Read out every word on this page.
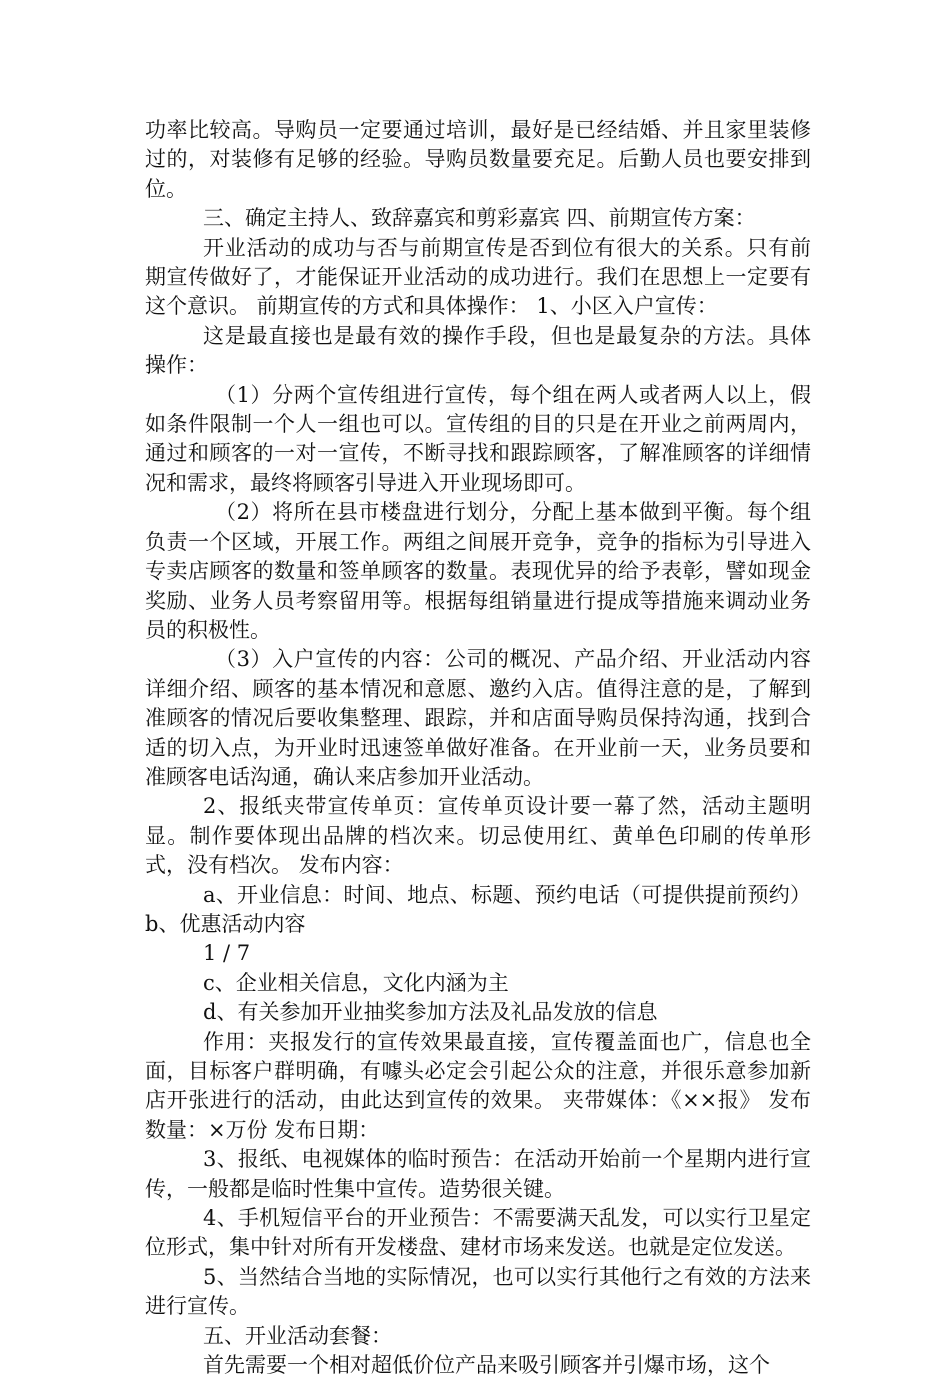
功率比较高。导购员一定要通过培训，最好是已经结婚、并且家里装修过的，对装修有足够的经验。导购员数量要充足。后勤人员也要安排到位。

三、确定主持人、致辞嘉宾和剪彩嘉宾 四、前期宣传方案：

开业活动的成功与否与前期宣传是否到位有很大的关系。只有前期宣传做好了，才能保证开业活动的成功进行。我们在思想上一定要有这个意识。 前期宣传的方式和具体操作： 1、小区入户宣传：

这是最直接也是最有效的操作手段，但也是最复杂的方法。具体操作：

（1）分两个宣传组进行宣传，每个组在两人或者两人以上，假如条件限制一个人一组也可以。宣传组的目的只是在开业之前两周内，通过和顾客的一对一宣传，不断寻找和跟踪顾客，了解准顾客的详细情况和需求，最终将顾客引导进入开业现场即可。

（2）将所在县市楼盘进行划分，分配上基本做到平衡。每个组负责一个区域，开展工作。两组之间展开竞争，竞争的指标为引导进入专卖店顾客的数量和签单顾客的数量。表现优异的给予表彰，譬如现金奖励、业务人员考察留用等。根据每组销量进行提成等措施来调动业务员的积极性。

（3）入户宣传的内容：公司的概况、产品介绍、开业活动内容详细介绍、顾客的基本情况和意愿、邀约入店。值得注意的是，了解到准顾客的情况后要收集整理、跟踪，并和店面导购员保持沟通，找到合适的切入点，为开业时迅速签单做好准备。在开业前一天，业务员要和准顾客电话沟通，确认来店参加开业活动。

2、报纸夹带宣传单页：宣传单页设计要一幕了然，活动主题明显。制作要体现出品牌的档次来。切忌使用红、黄单色印刷的传单形式，没有档次。 发布内容：

a、开业信息：时间、地点、标题、预约电话（可提供提前预约） b、优惠活动内容

1 / 7

c、企业相关信息，文化内涵为主

d、有关参加开业抽奖参加方法及礼品发放的信息

作用：夹报发行的宣传效果最直接，宣传覆盖面也广，信息也全面，目标客户群明确，有噱头必定会引起公众的注意，并很乐意参加新店开张进行的活动，由此达到宣传的效果。 夹带媒体：《××报》 发布数量：×万份 发布日期：

3、报纸、电视媒体的临时预告：在活动开始前一个星期内进行宣传，一般都是临时性集中宣传。造势很关键。

4、手机短信平台的开业预告：不需要满天乱发，可以实行卫星定位形式，集中针对所有开发楼盘、建材市场来发送。也就是定位发送。

5、当然结合当地的实际情况，也可以实行其他行之有效的方法来进行宣传。

五、开业活动套餐：

首先需要一个相对超低价位产品来吸引顾客并引爆市场，这个
